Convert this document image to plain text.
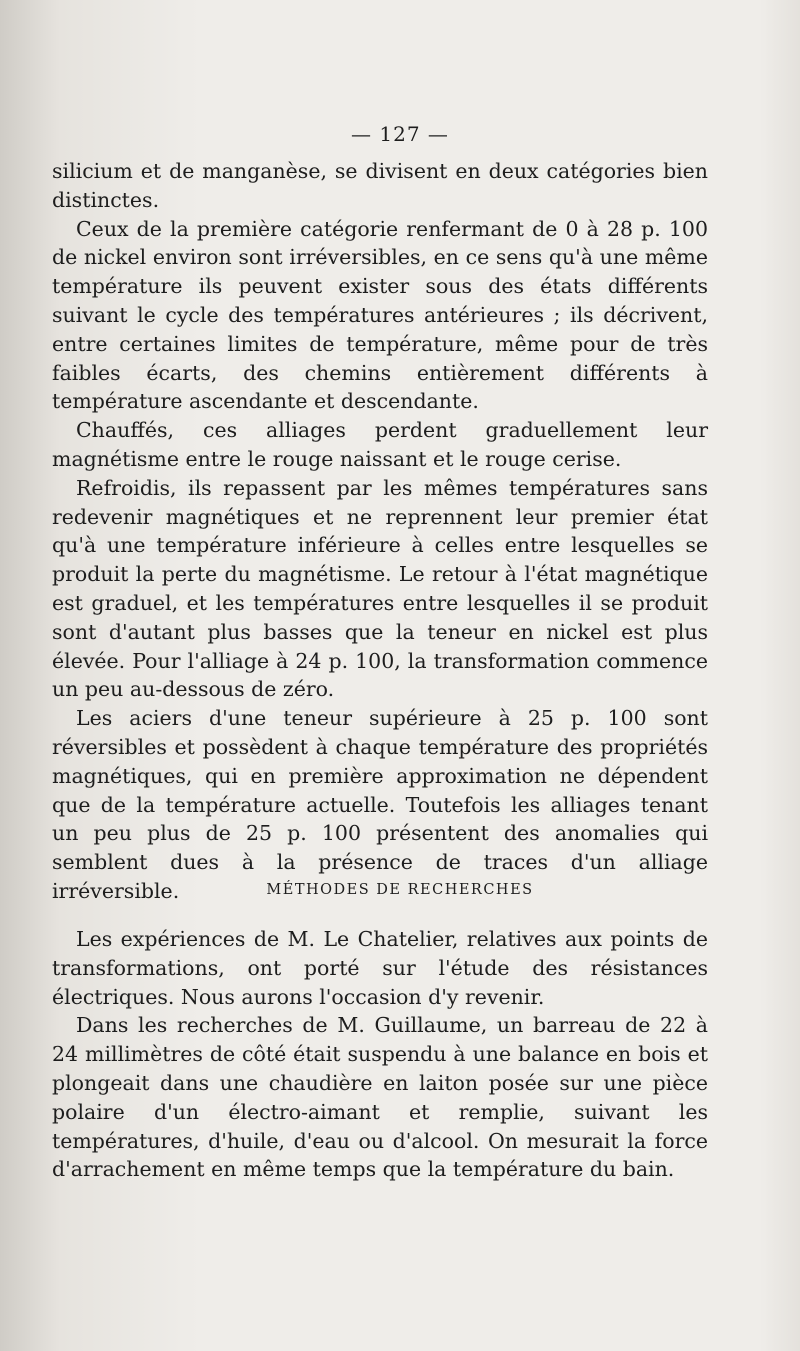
— 127 —

silicium et de manganèse, se divisent en deux catégories bien distinctes.

Ceux de la première catégorie renfermant de 0 à 28 p. 100 de nickel environ sont irréversibles, en ce sens qu'à une même température ils peuvent exister sous des états différents suivant le cycle des températures antérieures ; ils décrivent, entre certaines limites de température, même pour de très faibles écarts, des chemins entièrement différents à température ascendante et descendante.

Chauffés, ces alliages perdent graduellement leur magnétisme entre le rouge naissant et le rouge cerise.

Refroidis, ils repassent par les mêmes températures sans redevenir magnétiques et ne reprennent leur premier état qu'à une température inférieure à celles entre lesquelles se produit la perte du magnétisme. Le retour à l'état magnétique est graduel, et les températures entre lesquelles il se produit sont d'autant plus basses que la teneur en nickel est plus élevée. Pour l'alliage à 24 p. 100, la transformation commence un peu au-dessous de zéro.

Les aciers d'une teneur supérieure à 25 p. 100 sont réversibles et possèdent à chaque température des propriétés magnétiques, qui en première approximation ne dépendent que de la température actuelle. Toutefois les alliages tenant un peu plus de 25 p. 100 présentent des anomalies qui semblent dues à la présence de traces d'un alliage irréversible.	MÉTHODES DE RECHERCHES

Les expériences de M. Le Chatelier, relatives aux points de transformations, ont porté sur l'étude des résistances électriques. Nous aurons l'occasion d'y revenir.

Dans les recherches de M. Guillaume, un barreau de 22 à 24 millimètres de côté était suspendu à une balance en bois et plongeait dans une chaudière en laiton posée sur une pièce polaire d'un électro-aimant et remplie, suivant les températures, d'huile, d'eau ou d'alcool. On mesurait la force d'arrachement en même temps que la température du bain.
